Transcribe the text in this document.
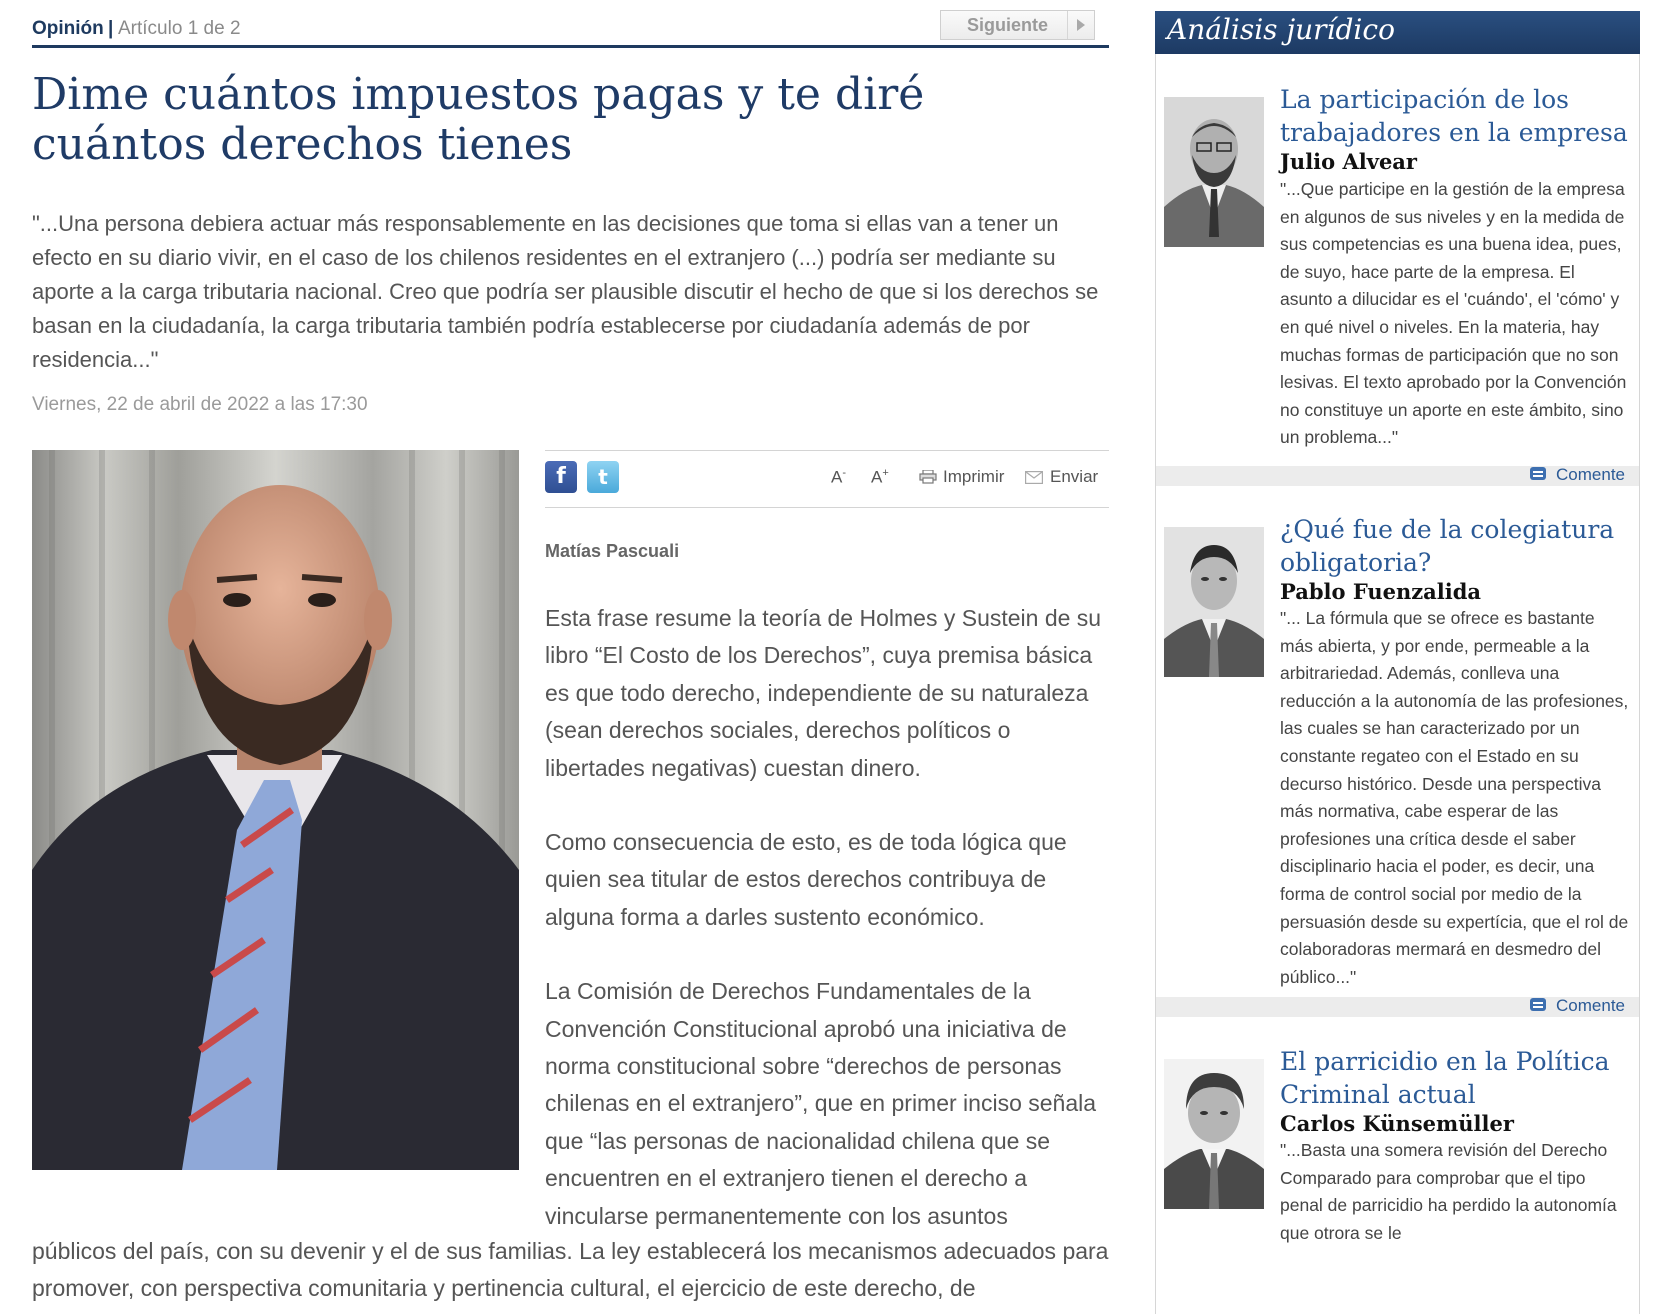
Opinión | Artículo 1 de 2	Siguiente
Dime cuántos impuestos pagas y te diré cuántos derechos tienes

"...Una persona debiera actuar más responsablemente en las decisiones que toma si ellas van a tener un efecto en su diario vivir, en el caso de los chilenos residentes en el extranjero (...) podría ser mediante su aporte a la carga tributaria nacional. Creo que podría ser plausible discutir el hecho de que si los derechos se basan en la ciudadanía, la carga tributaria también podría establecerse por ciudadanía además de por residencia..."

Viernes, 22 de abril de 2022 a las 17:30
f	t	A- A+	Imprimir	Enviar
Matías Pascuali

Esta frase resume la teoría de Holmes y Sustein de su libro “El Costo de los Derechos”, cuya premisa básica es que todo derecho, independiente de su naturaleza (sean derechos sociales, derechos políticos o libertades negativas) cuestan dinero.

Como consecuencia de esto, es de toda lógica que quien sea titular de estos derechos contribuya de alguna forma a darles sustento económico.

La Comisión de Derechos Fundamentales de la Convención Constitucional aprobó una iniciativa de norma constitucional sobre “derechos de personas chilenas en el extranjero”, que en primer inciso señala que “las personas de nacionalidad chilena que se encuentren en el extranjero tienen el derecho a vincularse permanentemente con los asuntos

públicos del país, con su devenir y el de sus familias. La ley establecerá los mecanismos adecuados para promover, con perspectiva comunitaria y pertinencia cultural, el ejercicio de este derecho, de

Análisis jurídico
La participación de los trabajadores en la empresa
Julio Alvear

"...Que participe en la gestión de la empresa en algunos de sus niveles y en la medida de sus competencias es una buena idea, pues, de suyo, hace parte de la empresa. El asunto a dilucidar es el 'cuándo', el 'cómo' y en qué nivel o niveles. En la materia, hay muchas formas de participación que no son lesivas. El texto aprobado por la Convención no constituye un aporte en este ámbito, sino un problema..."

Comente
¿Qué fue de la colegiatura obligatoria?
Pablo Fuenzalida

"... La fórmula que se ofrece es bastante más abierta, y por ende, permeable a la arbitrariedad. Además, conlleva una reducción a la autonomía de las profesiones, las cuales se han caracterizado por un constante regateo con el Estado en su decurso histórico. Desde una perspectiva más normativa, cabe esperar de las profesiones una crítica desde el saber disciplinario hacia el poder, es decir, una forma de control social por medio de la persuasión desde su expertícia, que el rol de colaboradoras mermará en desmedro del público..."

Comente
El parricidio en la Política Criminal actual
Carlos Künsemüller

"...Basta una somera revisión del Derecho Comparado para comprobar que el tipo penal de parricidio ha perdido la autonomía que otrora se le
